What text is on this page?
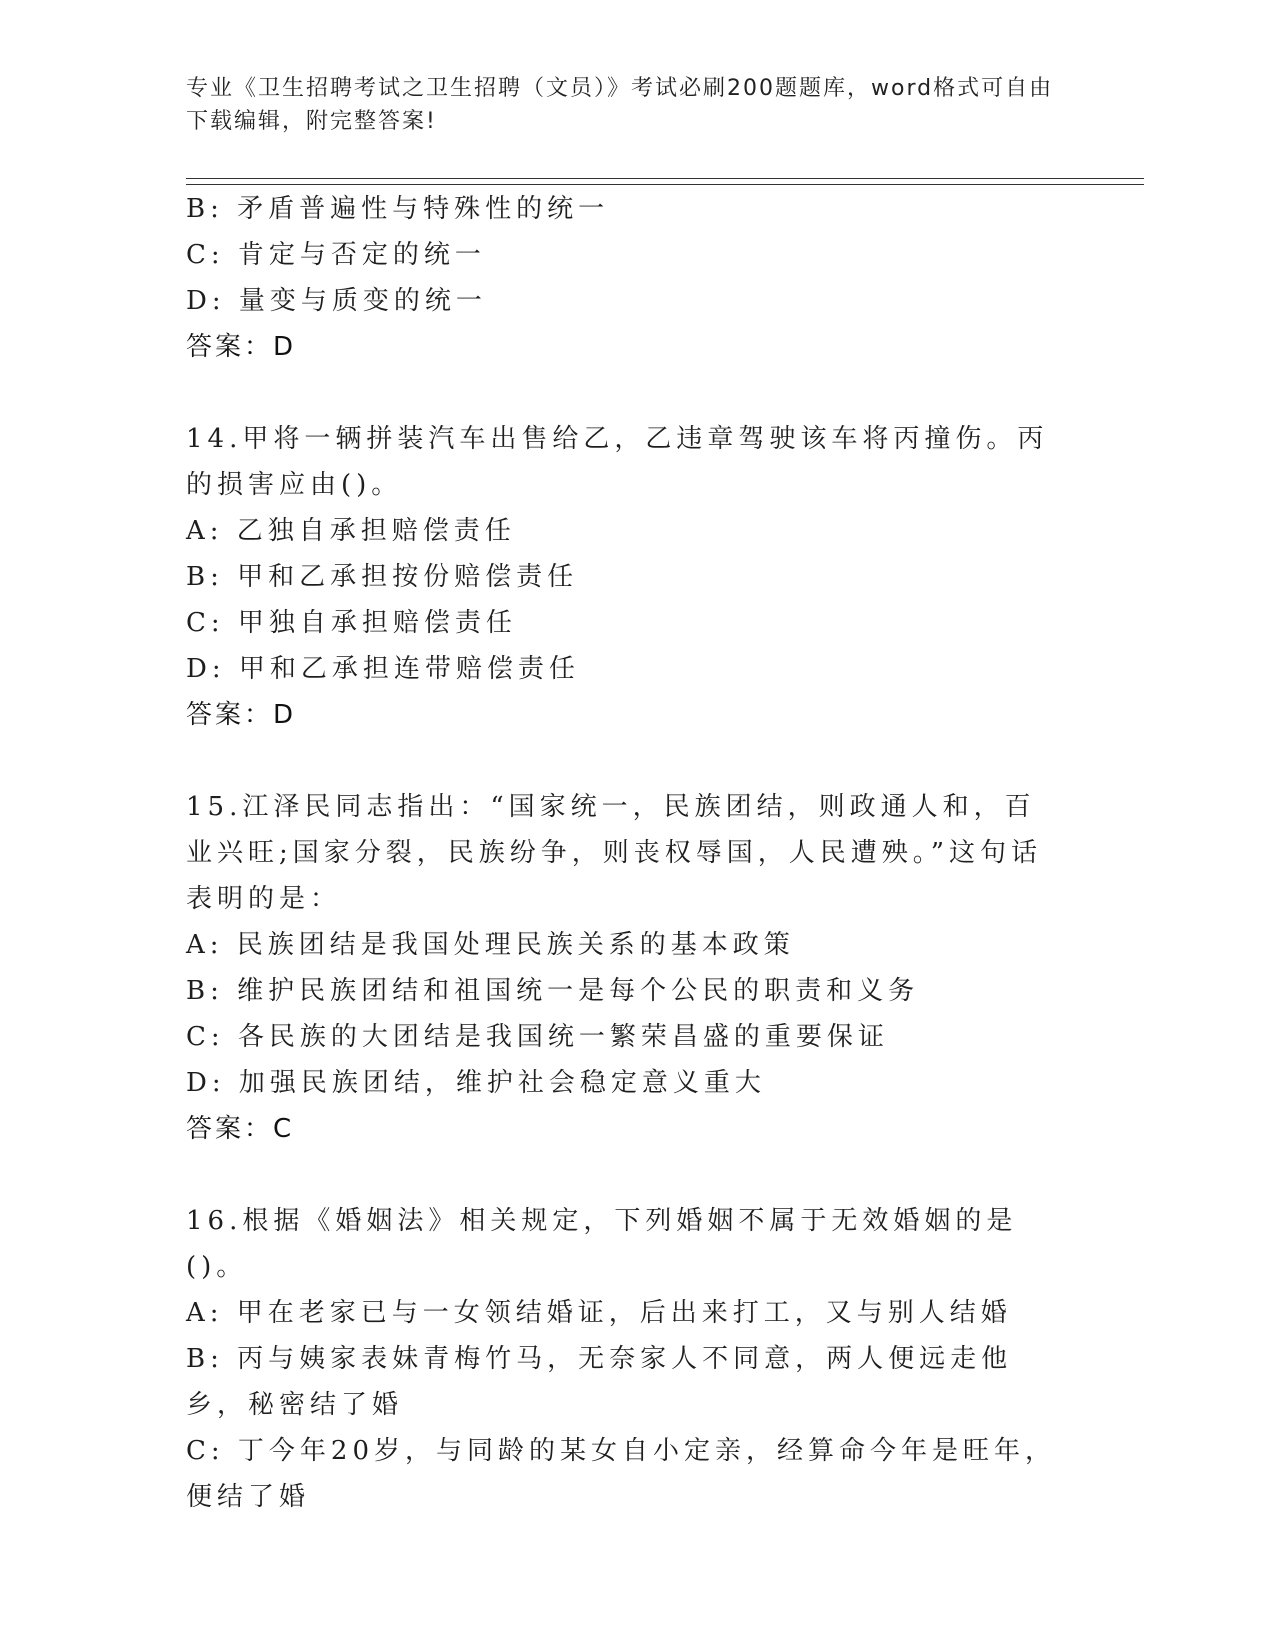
专业《卫生招聘考试之卫生招聘（文员）》考试必刷200题题库，word格式可自由下载编辑，附完整答案!
B: 矛盾普遍性与特殊性的统一
C: 肯定与否定的统一
D: 量变与质变的统一
答案：D
14.甲将一辆拼装汽车出售给乙，乙违章驾驶该车将丙撞伤。丙的损害应由()。
A: 乙独自承担赔偿责任
B: 甲和乙承担按份赔偿责任
C: 甲独自承担赔偿责任
D: 甲和乙承担连带赔偿责任
答案：D
15.江泽民同志指出：“国家统一，民族团结，则政通人和，百业兴旺;国家分裂，民族纷争，则丧权辱国，人民遭殃。”这句话表明的是：
A: 民族团结是我国处理民族关系的基本政策
B: 维护民族团结和祖国统一是每个公民的职责和义务
C: 各民族的大团结是我国统一繁荣昌盛的重要保证
D: 加强民族团结，维护社会稳定意义重大
答案：C
16.根据《婚姻法》相关规定，下列婚姻不属于无效婚姻的是()。
A: 甲在老家已与一女领结婚证，后出来打工，又与别人结婚
B: 丙与姨家表妹青梅竹马，无奈家人不同意，两人便远走他乡，秘密结了婚
C: 丁今年20岁，与同龄的某女自小定亲，经算命今年是旺年，便结了婚
